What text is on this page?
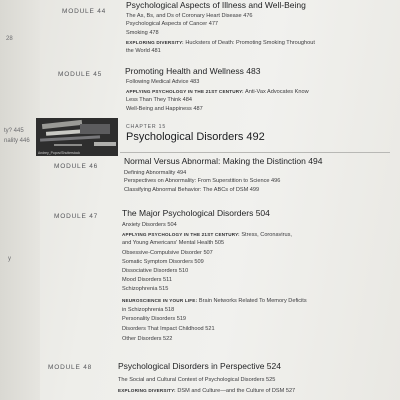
28
ty? 445
nality 446
y
MODULE 44
Psychological Aspects of Illness and Well-Being
The As, Bs, and Ds of Coronary Heart Disease 476
Psychological Aspects of Cancer 477
Smoking 478
EXPLORING DIVERSITY: Hucksters of Death: Promoting Smoking Throughout
the World 481
MODULE 45	Promoting Health and Wellness 483
Following Medical Advice 483
APPLYING PSYCHOLOGY IN THE 21ST CENTURY: Anti-Vax Advocates Know
Less Than They Think 484
Well-Being and Happiness 487
Andrey_Popov/Shutterstock
CHAPTER 15
Psychological Disorders 492
MODULE 46
Normal Versus Abnormal: Making the Distinction 494
Defining Abnormality 494
Perspectives on Abnormality: From Superstition to Science 496
Classifying Abnormal Behavior: The ABCs of DSM 499
MODULE 47	The Major Psychological Disorders 504
Anxiety Disorders 504
APPLYING PSYCHOLOGY IN THE 21ST CENTURY: Stress, Coronavirus,
and Young Americans' Mental Health 505
Obsessive-Compulsive Disorder 507
Somatic Symptom Disorders 509
Dissociative Disorders 510
Mood Disorders 511
Schizophrenia 515
NEUROSCIENCE IN YOUR LIFE: Brain Networks Related To Memory Deficits
in Schizophrenia 518
Personality Disorders 519
Disorders That Impact Childhood 521
Other Disorders 522
MODULE 48	Psychological Disorders in Perspective 524
The Social and Cultural Context of Psychological Disorders 525
EXPLORING DIVERSITY: DSM and Culture—and the Culture of DSM 527
